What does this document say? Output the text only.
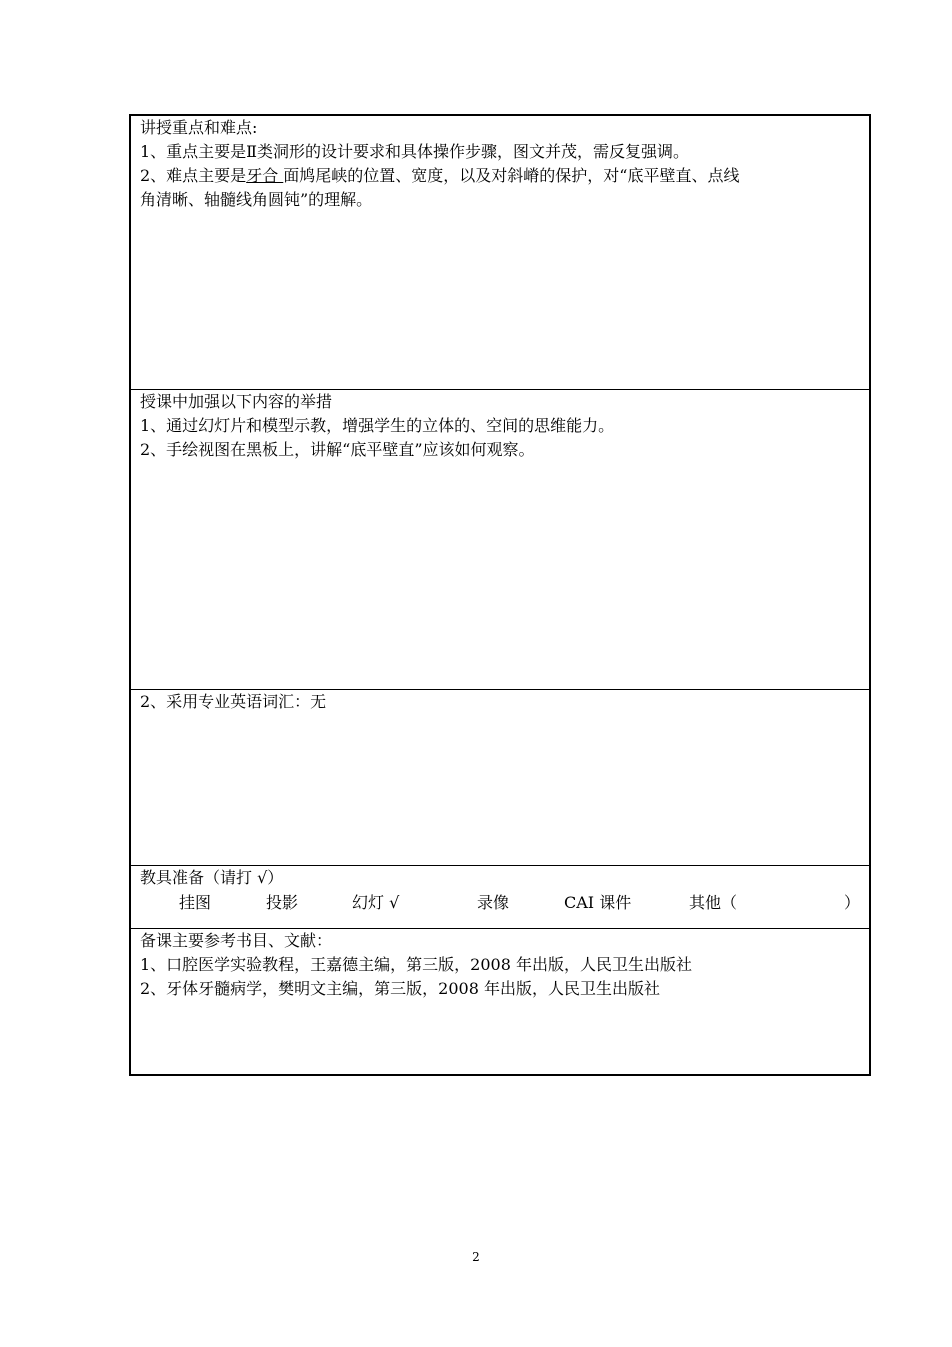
讲授重点和难点:
1、重点主要是Ⅱ类洞形的设计要求和具体操作步骤，图文并茂，需反复强调。
2、难点主要是牙合 面鸠尾峡的位置、宽度，以及对斜嵴的保护，对“底平壁直、点线
角清晰、轴髓线角圆钝”的理解。
授课中加强以下内容的举措
1、通过幻灯片和模型示教，增强学生的立体的、空间的思维能力。
2、手绘视图在黑板上，讲解“底平壁直”应该如何观察。
2、采用专业英语词汇：无
教具准备（请打 √）
挂图	投影	幻灯 √	录像	CAI 课件	其他（	）
备课主要参考书目、文献：
1、口腔医学实验教程，王嘉德主编，第三版，2008 年出版，人民卫生出版社
2、牙体牙髓病学，樊明文主编，第三版，2008 年出版，人民卫生出版社
2
